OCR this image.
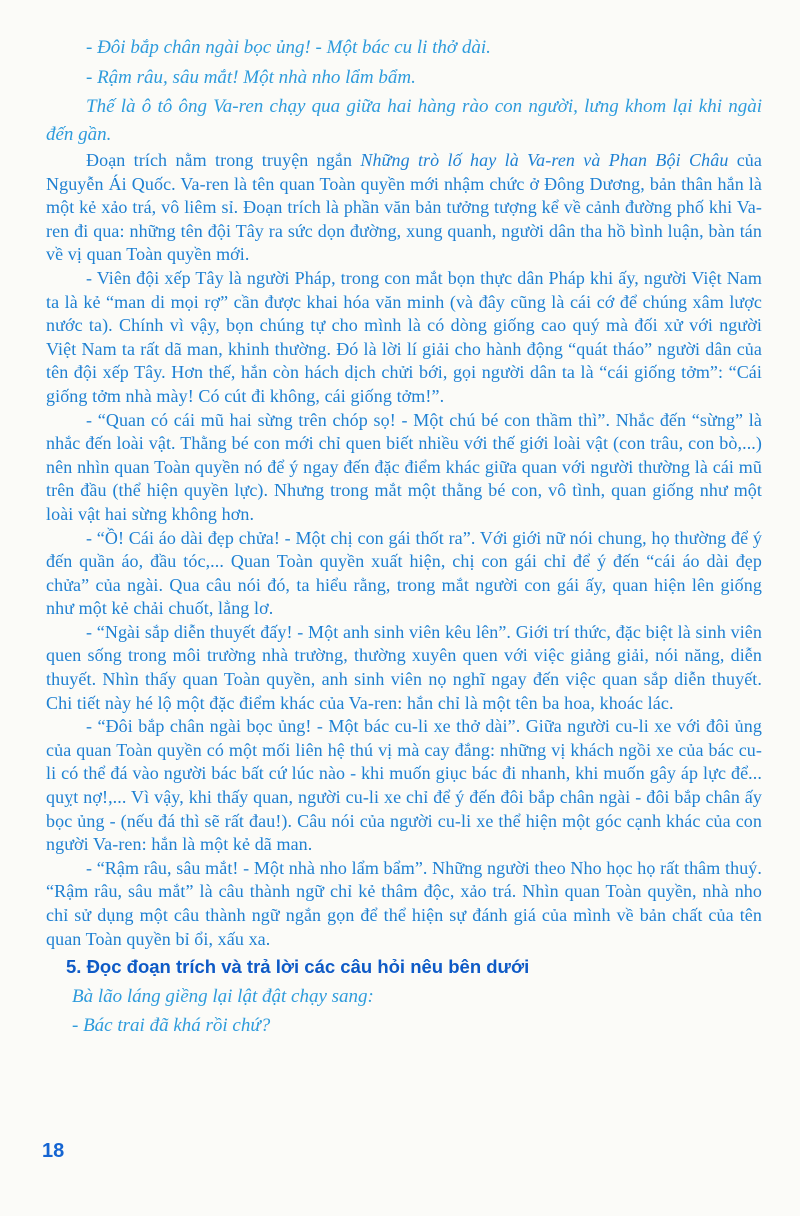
- Đôi bắp chân ngài bọc ủng! - Một bác cu li thở dài.

- Rậm râu, sâu mắt! Một nhà nho lẩm bẩm.

Thế là ô tô ông Va-ren chạy qua giữa hai hàng rào con người, lưng khom lại khi ngài đến gần.

Đoạn trích nằm trong truyện ngắn Những trò lố hay là Va-ren và Phan Bội Châu của Nguyễn Ái Quốc. Va-ren là tên quan Toàn quyền mới nhậm chức ở Đông Dương, bản thân hắn là một kẻ xảo trá, vô liêm sỉ. Đoạn trích là phần văn bản tưởng tượng kể về cảnh đường phố khi Va-ren đi qua: những tên đội Tây ra sức dọn đường, xung quanh, người dân tha hồ bình luận, bàn tán về vị quan Toàn quyền mới.

- Viên đội xếp Tây là người Pháp, trong con mắt bọn thực dân Pháp khi ấy, người Việt Nam ta là kẻ “man di mọi rợ” cần được khai hóa văn minh (và đây cũng là cái cớ để chúng xâm lược nước ta). Chính vì vậy, bọn chúng tự cho mình là có dòng giống cao quý mà đối xử với người Việt Nam ta rất dã man, khinh thường. Đó là lời lí giải cho hành động “quát tháo” người dân của tên đội xếp Tây. Hơn thế, hắn còn hách dịch chửi bới, gọi người dân ta là “cái giống tởm”: “Cái giống tởm nhà mày! Có cút đi không, cái giống tởm!”.

- “Quan có cái mũ hai sừng trên chóp sọ! - Một chú bé con thầm thì”. Nhắc đến “sừng” là nhắc đến loài vật. Thằng bé con mới chỉ quen biết nhiều với thế giới loài vật (con trâu, con bò,...) nên nhìn quan Toàn quyền nó để ý ngay đến đặc điểm khác giữa quan với người thường là cái mũ trên đầu (thể hiện quyền lực). Nhưng trong mắt một thằng bé con, vô tình, quan giống như một loài vật hai sừng không hơn.

- “Ồ! Cái áo dài đẹp chửa! - Một chị con gái thốt ra”. Với giới nữ nói chung, họ thường để ý đến quần áo, đầu tóc,... Quan Toàn quyền xuất hiện, chị con gái chỉ để ý đến “cái áo dài đẹp chửa” của ngài. Qua câu nói đó, ta hiểu rằng, trong mắt người con gái ấy, quan hiện lên giống như một kẻ chải chuốt, lẳng lơ.

- “Ngài sắp diễn thuyết đấy! - Một anh sinh viên kêu lên”. Giới trí thức, đặc biệt là sinh viên quen sống trong môi trường nhà trường, thường xuyên quen với việc giảng giải, nói năng, diễn thuyết. Nhìn thấy quan Toàn quyền, anh sinh viên nọ nghĩ ngay đến việc quan sắp diễn thuyết. Chi tiết này hé lộ một đặc điểm khác của Va-ren: hắn chỉ là một tên ba hoa, khoác lác.

- “Đôi bắp chân ngài bọc ủng! - Một bác cu-li xe thở dài”. Giữa người cu-li xe với đôi ủng của quan Toàn quyền có một mối liên hệ thú vị mà cay đắng: những vị khách ngồi xe của bác cu-li có thể đá vào người bác bất cứ lúc nào - khi muốn giục bác đi nhanh, khi muốn gây áp lực để... quỵt nợ!,... Vì vậy, khi thấy quan, người cu-li xe chỉ để ý đến đôi bắp chân ngài - đôi bắp chân ấy bọc ủng - (nếu đá thì sẽ rất đau!). Câu nói của người cu-li xe thể hiện một góc cạnh khác của con người Va-ren: hắn là một kẻ dã man.

- “Rậm râu, sâu mắt! - Một nhà nho lẩm bẩm”. Những người theo Nho học họ rất thâm thuý. “Rậm râu, sâu mắt” là câu thành ngữ chỉ kẻ thâm độc, xảo trá. Nhìn quan Toàn quyền, nhà nho chỉ sử dụng một câu thành ngữ ngắn gọn để thể hiện sự đánh giá của mình về bản chất của tên quan Toàn quyền bỉ ổi, xấu xa.

5. Đọc đoạn trích và trả lời các câu hỏi nêu bên dưới

Bà lão láng giềng lại lật đật chạy sang:

- Bác trai đã khá rồi chứ?

18
